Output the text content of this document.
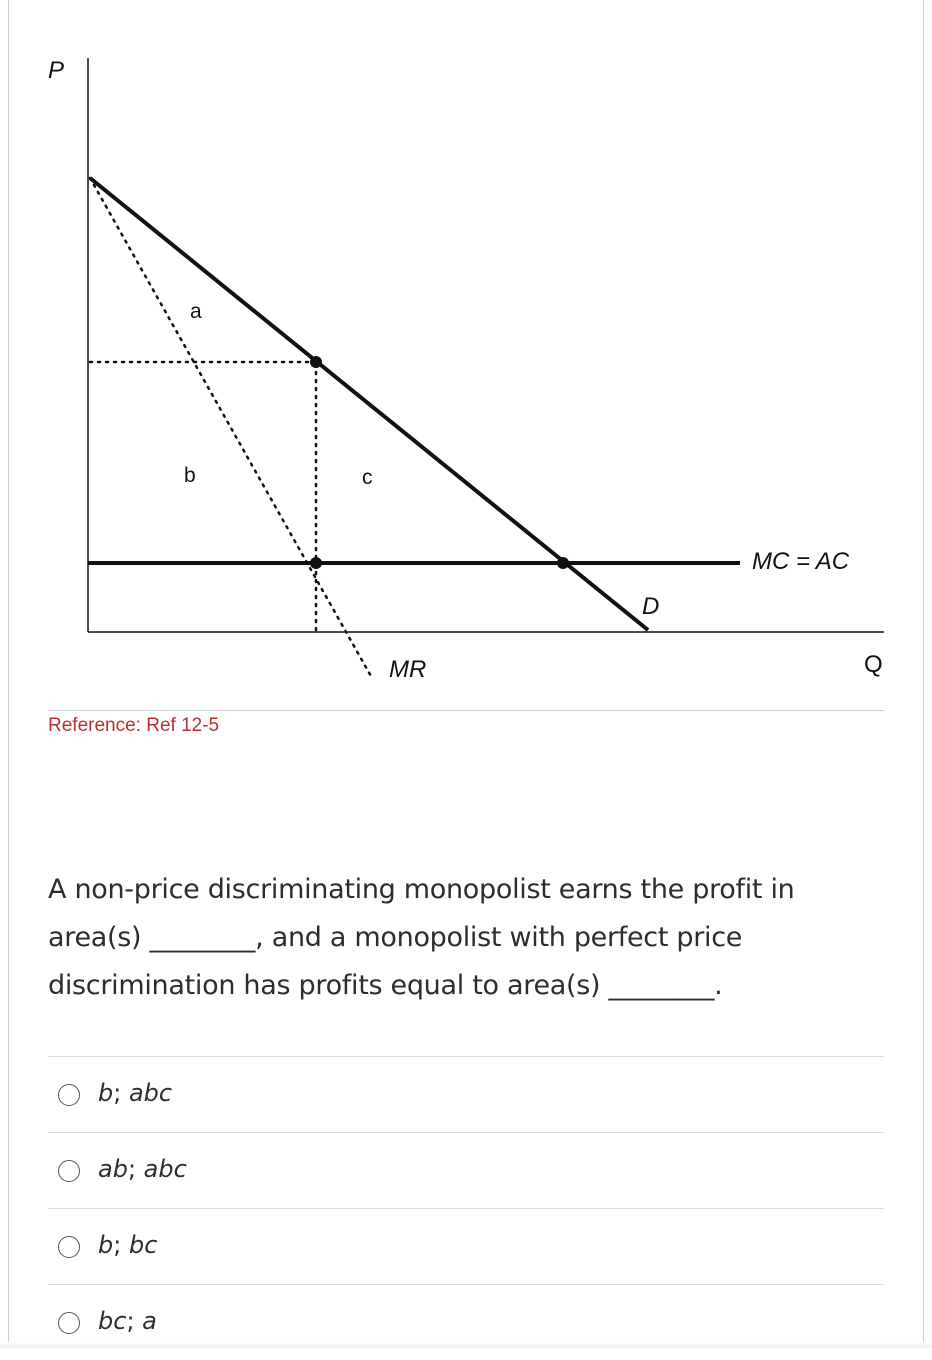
P
Q
a
b	c
D
MR
MC = AC
Reference: Ref 12-5
A non-price discriminating monopolist earns the profit in area(s) ________, and a monopolist with perfect price discrimination has profits equal to area(s) ________.
b; abc
ab; abc
b; bc
bc; a
